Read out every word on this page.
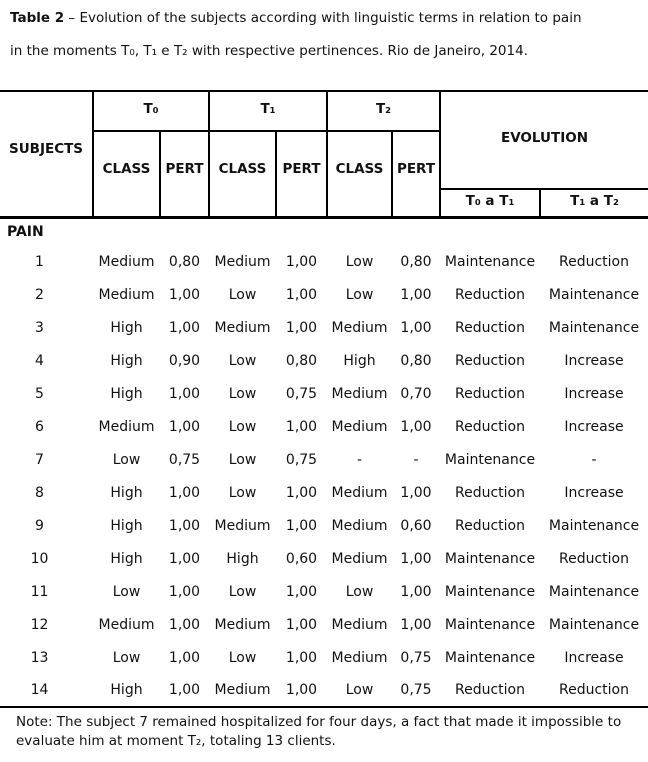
Table 2 – Evolution of the subjects according with linguistic terms in relation to pain
in the moments T₀, T₁ e T₂ with respective pertinences. Rio de Janeiro, 2014.
SUBJECTS	T₀		T₁		T₂		EVOLUTION	
	CLASS	PERT	CLASS	PERT	CLASS	PERT		
							T₀ a T₁	T₁ a T₂
PAIN								
1	Medium	0,80	Medium	1,00	Low	0,80	Maintenance	Reduction
2	Medium	1,00	Low	1,00	Low	1,00	Reduction	Maintenance
3	High	1,00	Medium	1,00	Medium	1,00	Reduction	Maintenance
4	High	0,90	Low	0,80	High	0,80	Reduction	Increase
5	High	1,00	Low	0,75	Medium	0,70	Reduction	Increase
6	Medium	1,00	Low	1,00	Medium	1,00	Reduction	Increase
7	Low	0,75	Low	0,75	-	-	Maintenance	-
8	High	1,00	Low	1,00	Medium	1,00	Reduction	Increase
9	High	1,00	Medium	1,00	Medium	0,60	Reduction	Maintenance
10	High	1,00	High	0,60	Medium	1,00	Maintenance	Reduction
11	Low	1,00	Low	1,00	Low	1,00	Maintenance	Maintenance
12	Medium	1,00	Medium	1,00	Medium	1,00	Maintenance	Maintenance
13	Low	1,00	Low	1,00	Medium	0,75	Maintenance	Increase
14	High	1,00	Medium	1,00	Low	0,75	Reduction	Reduction
Note: The subject 7 remained hospitalized for four days, a fact that made it impossible to
evaluate him at moment T₂, totaling 13 clients.
